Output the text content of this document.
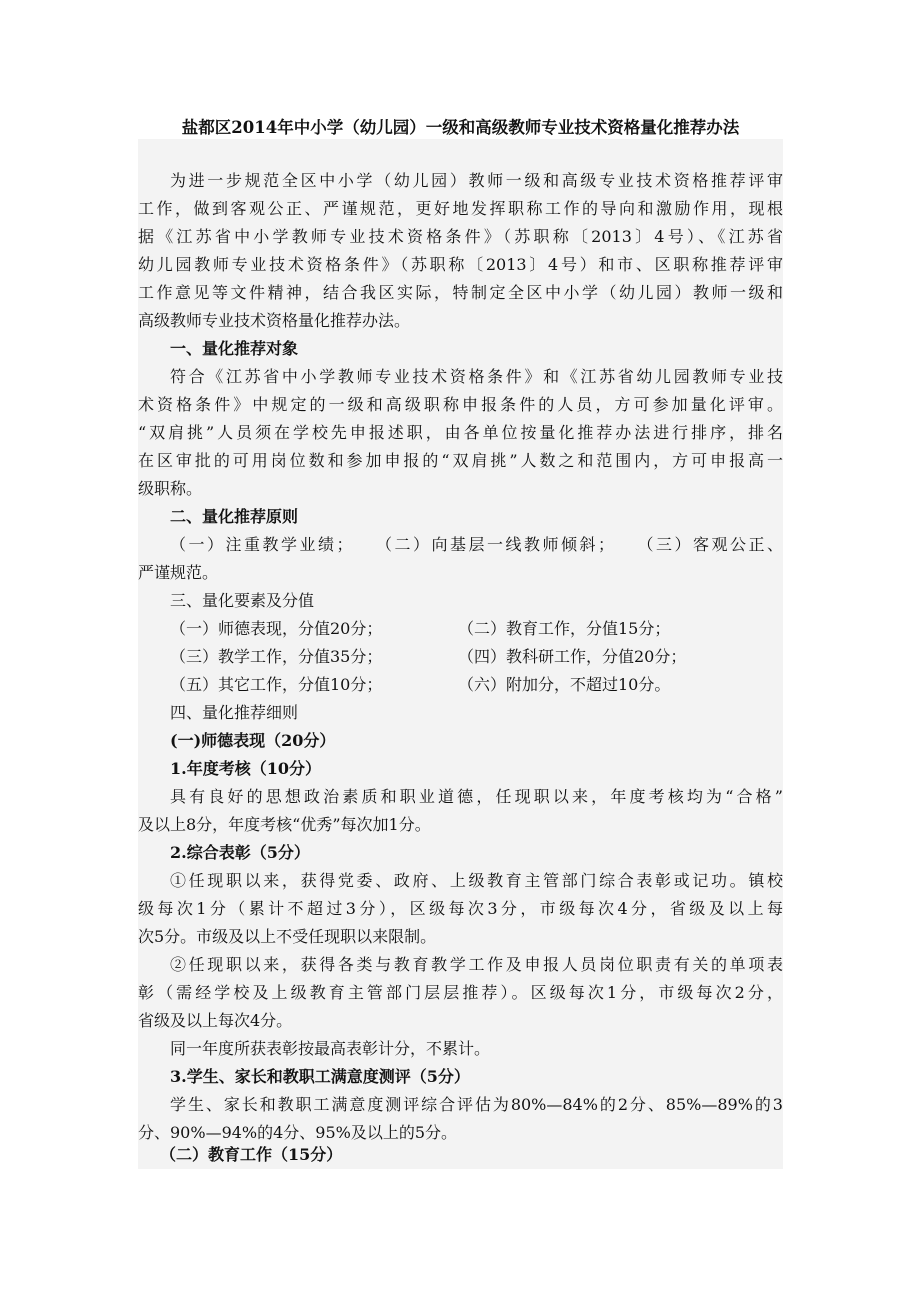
盐都区2014年中小学（幼儿园）一级和高级教师专业技术资格量化推荐办法
为进一步规范全区中小学（幼儿园）教师一级和高级专业技术资格推荐评审
工作，做到客观公正、严谨规范，更好地发挥职称工作的导向和激励作用，现根
据《江苏省中小学教师专业技术资格条件》（苏职称〔2013〕4号）、《江苏省
幼儿园教师专业技术资格条件》（苏职称〔2013〕4号）和市、区职称推荐评审
工作意见等文件精神，结合我区实际，特制定全区中小学（幼儿园）教师一级和
高级教师专业技术资格量化推荐办法。
一、量化推荐对象
符合《江苏省中小学教师专业技术资格条件》和《江苏省幼儿园教师专业技
术资格条件》中规定的一级和高级职称申报条件的人员，方可参加量化评审。
“双肩挑”人员须在学校先申报述职，由各单位按量化推荐办法进行排序，排名
在区审批的可用岗位数和参加申报的“双肩挑”人数之和范围内，方可申报高一
级职称。
二、量化推荐原则
（一）注重教学业绩；　　（二）向基层一线教师倾斜；　　（三）客观公正、
严谨规范。
三、量化要素及分值
（一）师德表现，分值20分；	（二）教育工作，分值15分；
（三）教学工作，分值35分；	（四）教科研工作，分值20分；
（五）其它工作，分值10分；	（六）附加分，不超过10分。
四、量化推荐细则
(一)师德表现（20分）
1.年度考核（10分）
具有良好的思想政治素质和职业道德，任现职以来，年度考核均为“合格”
及以上8分，年度考核“优秀”每次加1分。
2.综合表彰（5分）
①任现职以来，获得党委、政府、上级教育主管部门综合表彰或记功。镇校
级每次1分（累计不超过3分），区级每次3分，市级每次4分，省级及以上每
次5分。市级及以上不受任现职以来限制。
②任现职以来，获得各类与教育教学工作及申报人员岗位职责有关的单项表
彰（需经学校及上级教育主管部门层层推荐）。区级每次1分，市级每次2分，
省级及以上每次4分。
同一年度所获表彰按最高表彰计分，不累计。
3.学生、家长和教职工满意度测评（5分）
学生、家长和教职工满意度测评综合评估为80%—84%的2分、85%—89%的3
分、90%—94%的4分、95%及以上的5分。
（二）教育工作（15分）
